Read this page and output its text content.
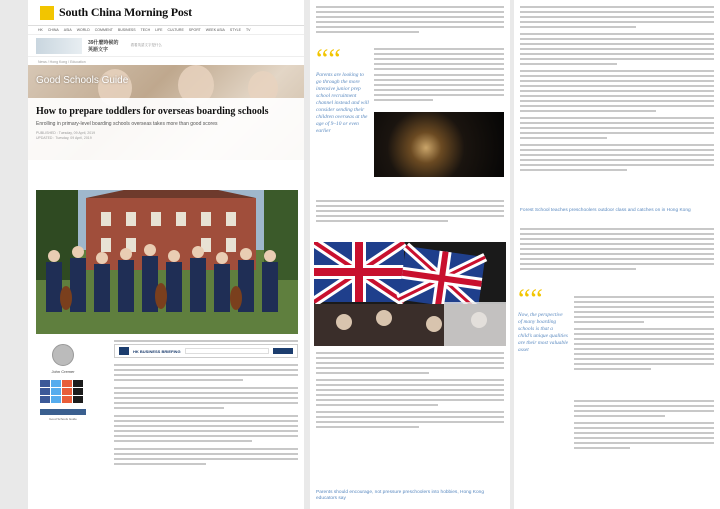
South China Morning Post
HK CHINA ASIA WORLD COMMENT BUSINESS TECH LIFE CULTURE SPORT WEEK ASIA STYLE TV
39什麼時候的
英語文字
看看英語文字是什么
News / Hong Kong / Education
Good Schools Guide
How to prepare toddlers for overseas boarding schools
Enrolling in primary-level boarding schools overseas takes more than good scores
PUBLISHED : Tuesday, 09 April, 2019
UPDATED : Tuesday, 09 April, 2019
John Cremer
Good Schools Guide
HK BUSINESS BRIEFING
““
Parents are looking to go through the more intensive junior prep school recruitment channel instead and will consider sending their children overseas at the age of 9–10 or even earlier
Parents should encourage, not pressure preschoolers into hobbies, Hong Kong educators say
Forest School teaches preschoolers outdoor class and catches on in Hong Kong
““
Now, the perspective of many boarding schools is that a child’s unique qualities are their most valuable asset
